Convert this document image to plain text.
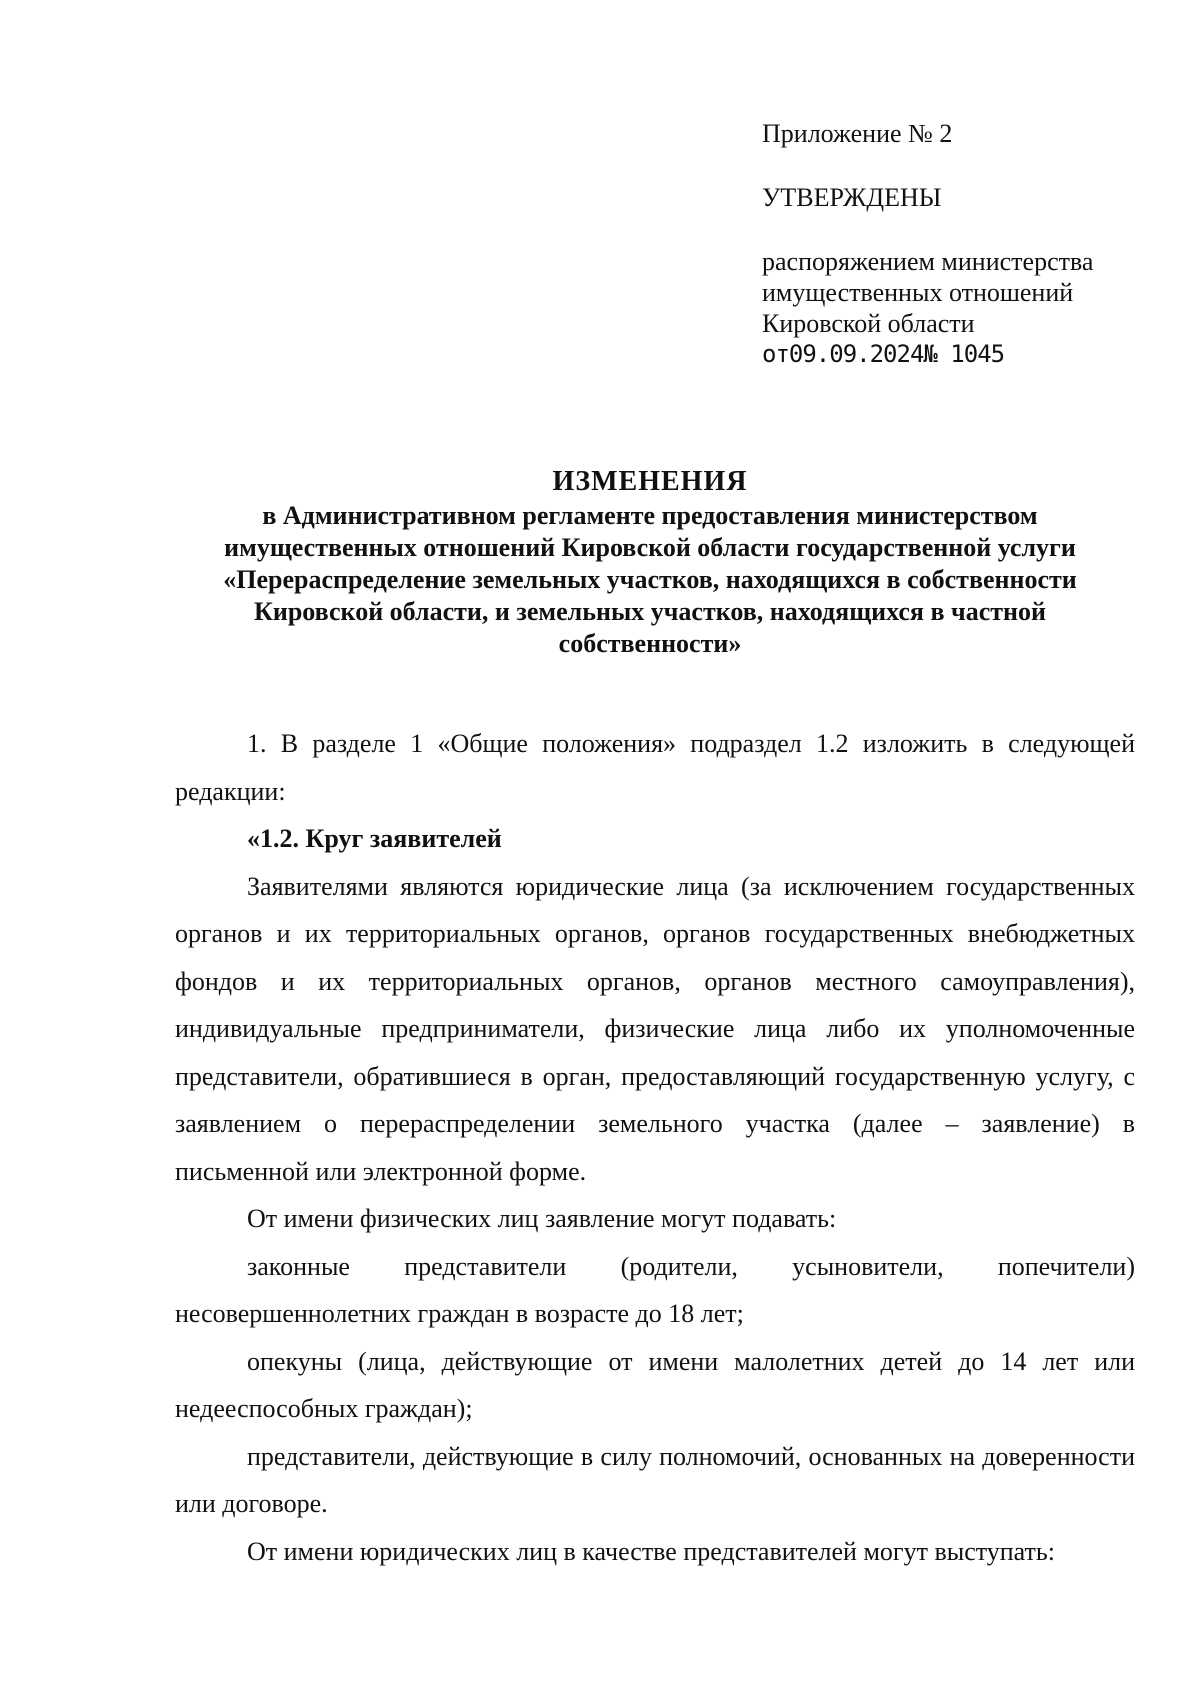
Приложение № 2
УТВЕРЖДЕНЫ
распоряжением министерства
имущественных отношений
Кировской области
от09.09.2024№ 1045
ИЗМЕНЕНИЯ
в Административном регламенте предоставления министерством
имущественных отношений Кировской области государственной услуги
«Перераспределение земельных участков, находящихся в собственности
Кировской области, и земельных участков, находящихся в частной
собственности»

1. В разделе 1 «Общие положения» подраздел 1.2 изложить в следующей редакции:

«1.2. Круг заявителей

Заявителями являются юридические лица (за исключением государственных органов и их территориальных органов, органов государственных внебюджетных фондов и их территориальных органов, органов местного самоуправления), индивидуальные предприниматели, физические лица либо их уполномоченные представители, обратившиеся в орган, предоставляющий государственную услугу, с заявлением о перераспределении земельного участка (далее – заявление) в письменной или электронной форме.

От имени физических лиц заявление могут подавать:

законные представители (родители, усыновители, попечители) несовершеннолетних граждан в возрасте до 18 лет;

опекуны (лица, действующие от имени малолетних детей до 14 лет или недееспособных граждан);

представители, действующие в силу полномочий, основанных на доверенности или договоре.

От имени юридических лиц в качестве представителей могут выступать:
